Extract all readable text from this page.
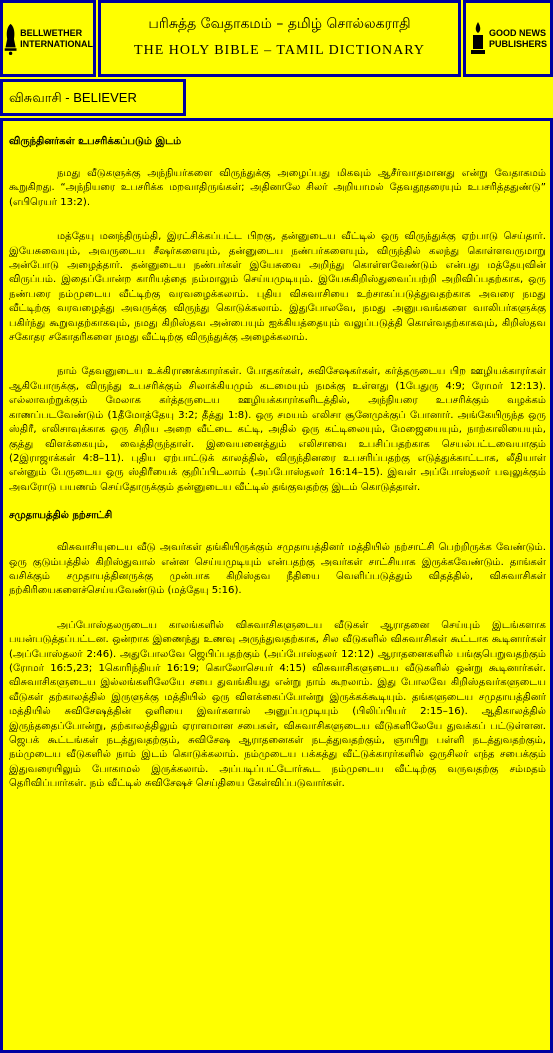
BELLWETHER
INTERNATIONAL
பரிசுத்த வேதாகமம் – தமிழ் சொல்லகராதி
THE HOLY BIBLE – TAMIL DICTIONARY
GOOD NEWS
PUBLISHERS
விசுவாசி - BELIEVER
விருந்தினர்கள் உபசரிக்கப்படும் இடம்

நமது வீடுகளுக்கு அந்நியர்களை விருந்துக்கு அழைப்பது மிகவும் ஆசீர்வாதமானது என்று வேதாகமம் கூறுகிறது. “அந்நியரை உபசரிக்க மறவாதிருங்கள்; அதினாலே சிலர் அறியாமல் தேவதூதரையும் உபசரித்ததுண்டு” (எபிரெயர் 13:2).

மத்தேயு மனந்திரும்தி, இரட்சிக்கப்பட்ட பிறகு, தன்னுடைய வீட்டில் ஒரு விருந்துக்கு ஏற்பாடு செய்தார். இயேசுவையும், அவருடைய சீஷர்களையும், தன்னுடைய நண்பர்களையும், விருந்தில் கலந்து கொள்ளவருமாறு அன்போடு அழைத்தார். தன்னுடைய நண்பர்கள் இயேசுவை அறிந்து கொள்ளவேண்டும் என்பது மத்தேயுவின் விருப்பம். இதைப்போன்ற காரியத்தை நம்மாலும் செய்யமுடியும். இயேசுகிறிஸ்துவைப்பற்றி அறிவிப்பதற்காக, ஒரு நண்பரை நம்முடைய வீட்டிற்கு வரவழைக்கலாம். புதிய விசுவாசியை உற்சாகப்படுத்துவதற்காக அவரை நமது வீட்டிற்கு வரவழைத்து அவருக்கு விருந்து கொடுக்கலாம். இதுபோலவே, நமது அனுபவங்களை வாலிபர்களுக்கு பகிர்ந்து கூறுவதற்காகவும், நமது கிறிஸ்தவ அன்பையும் ஐக்கியத்தையும் வலுப்படுத்தி கொள்வதற்காகவும், கிறிஸ்தவ சகோதர சகோதரிகளை நமது வீட்டிற்கு விருந்துக்கு அழைக்கலாம்.

நாம் தேவனுடைய உக்கிராணக்காரர்கள். போதகர்கள், சுவிசேஷகர்கள், கர்த்தருடைய பிற ஊழியக்காரர்கள் ஆகியோருக்கு, விருந்து உபசரிக்கும் சிலாக்கியமும் கடமையும் நமக்கு உள்ளது (1பேதுரு 4:9; ரோமர் 12:13). எல்லாவற்றுக்கும் மேலாக கர்த்தருடைய ஊழியக்காரர்களிடத்தில், அந்நியரை உபசரிக்கும் வழக்கம் காணப்படவேண்டும் (1தீமோத்தேயு 3:2; தீத்து 1:8). ஒரு சமயம் எலிசா சூனேமுக்குப் போனார். அங்கேயிருந்த ஒரு ஸ்திரீ, எலிசாவுக்காக ஒரு சிறிய அறை வீட்டை கட்டி, அதில் ஒரு கட்டிலையும், மேஜையையும், நாற்காலியையும், குத்து விளக்கையும், வைத்திருந்தாள். இவையனைத்தும் எலிசாவை உபசிப்பதற்காக செயல்பட்டவையாகும் (2இராஜாக்கள் 4:8–11). புதிய ஏற்பாட்டுக் காலத்தில், விருந்தினரை உபசரிப்பதற்கு எடுத்துக்காட்டாக, லீதியாள் என்னும் பேருடைய ஒரு ஸ்திரீயைக் குறிப்பிடலாம் (அப்போஸ்தலர் 16:14–15). இவள் அப்போஸ்தலர் பவுலுக்கும் அவரோடு பயணம் செய்தோருக்கும் தன்னுடைய வீட்டில் தங்குவதற்கு இடம் கொடுத்தாள்.

சமுதாயத்தில் நற்சாட்சி

விசுவாசியுடைய வீடு அவர்கள் தங்கியிருக்கும் சமுதாயத்தினர் மத்தியில் நற்சாட்சி பெற்றிருக்க வேண்டும். ஒரு குடும்பத்தில் கிறிஸ்துவால் என்ன செய்யமுடியும் என்பதற்கு அவர்கள் சாட்சியாக இருக்கவேண்டும். தாங்கள் வசிக்கும் சமுதாயத்தினருக்கு முன்பாக கிறிஸ்தவ நீதியை வெளிப்படுத்தும் விதத்தில், விசுவாசிகள் நற்கிரியைகளைச்செய்யவேண்டும் (மத்தேயு 5:16).

அப்போஸ்தலருடைய காலங்களில் விசுவாசிகளுடைய வீடுகள் ஆராதனை செய்யும் இடங்களாக பயன்படுத்தப்பட்டன. ஒன்றாக இணைந்து உணவு அருந்துவதற்காக, சில வீடுகளில் விசுவாசிகள் கூட்டாக கூடினார்கள் (அப்போஸ்தலர் 2:46). அதுபோலவே ஜெபிப்பதற்கும் (அப்போஸ்தலர் 12:12) ஆராதனைகளில் பங்குபெறுவதற்கும் (ரோமர் 16:5,23; 1கொரிந்தியர் 16:19; கொலோசெயர் 4:15) விசுவாசிகளுடைய வீடுகளில் ஒன்று கூடினார்கள். விசுவாசிகளுடைய இல்லங்களிலேயே சபை துவங்கியது என்று நாம் கூறலாம். இது போலவே கிறிஸ்தவர்களுடைய வீடுகள் தற்காலத்தில் இருளுக்கு மத்தியில் ஒரு விளக்கைப்போன்று இருக்கக்கூடியும். தங்களுடைய சமுதாயத்தினர் மத்தியில் சுவிசேஷத்தின் ஒளியை இவர்களால் அனுப்பமுடியும் (பிலிப்பியர் 2:15–16). ஆதிகாலத்தில் இருந்ததைப்போன்று, தற்காலத்திலும் ஏராளமான சபைகள், விசுவாசிகளுடைய வீடுகளிலேயே துவக்கப் பட்டுள்ளன. ஜெபக் கூட்டங்கள் நடத்துவதற்கும், சுவிசேஷ ஆராதனைகள் நடத்துவதற்கும், ஞாயிறு பள்ளி நடத்துவதற்கும், நம்முடைய வீடுகளில் நாம் இடம் கொடுக்கலாம். நம்முடைய பக்கத்து வீட்டுக்காரர்களில் ஒருசிலர் எந்த சபைக்கும் இதுவரையிலும் போகாமல் இருக்கலாம். அப்படிப்பட்டோர்கூட நம்முடைய வீட்டிற்கு வருவதற்கு சம்மதம் தெரிவிப்பார்கள். நம் வீட்டில் சுவிசேஷச் செய்தியை கேள்விப்படுவார்கள்.
